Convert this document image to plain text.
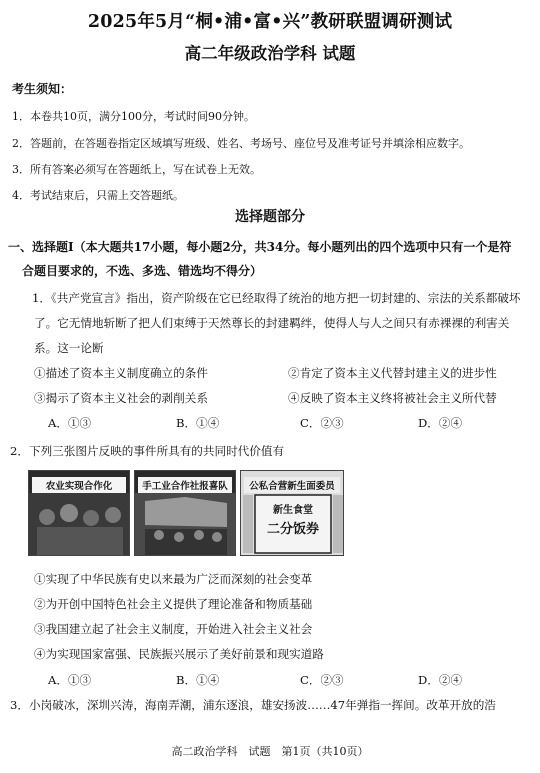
2025年5月“桐•浦•富•兴”教研联盟调研测试
高二年级政治学科 试题
考生须知：
1．本卷共10页，满分100分，考试时间90分钟。
2．答题前，在答题卷指定区域填写班级、姓名、考场号、座位号及准考证号并填涂相应数字。
3．所有答案必须写在答题纸上，写在试卷上无效。
4．考试结束后，只需上交答题纸。
选择题部分
一、选择题Ⅰ（本大题共17小题，每小题2分，共34分。每小题列出的四个选项中只有一个是符
合题目要求的，不选、多选、错选均不得分）
1．《共产党宣言》指出，资产阶级在它已经取得了统治的地方把一切封建的、宗法的关系都破坏
了。它无情地斩断了把人们束缚于天然尊长的封建羁绊，使得人与人之间只有赤裸裸的利害关
系。这一论断
①描述了资本主义制度确立的条件	②肯定了资本主义代替封建主义的进步性
③揭示了资本主义社会的剥削关系	④反映了资本主义终将被社会主义所代替
A．①③	B．①④	C．②③	D．②④
2．下列三张图片反映的事件所具有的共同时代价值有
农业实现合作化	手工业合作社报喜队	公私合营新生面委员
新生食堂
二分饭券
①实现了中华民族有史以来最为广泛而深刻的社会变革
②为开创中国特色社会主义提供了理论准备和物质基础
③我国建立起了社会主义制度，开始进入社会主义社会
④为实现国家富强、民族振兴展示了美好前景和现实道路
A．①③	B．①④	C．②③	D．②④
3．小岗破冰，深圳兴涛，海南弄潮，浦东逐浪，雄安扬波……47年弹指一挥间。改革开放的浩
高二政治学科　试题　第1页（共10页）
